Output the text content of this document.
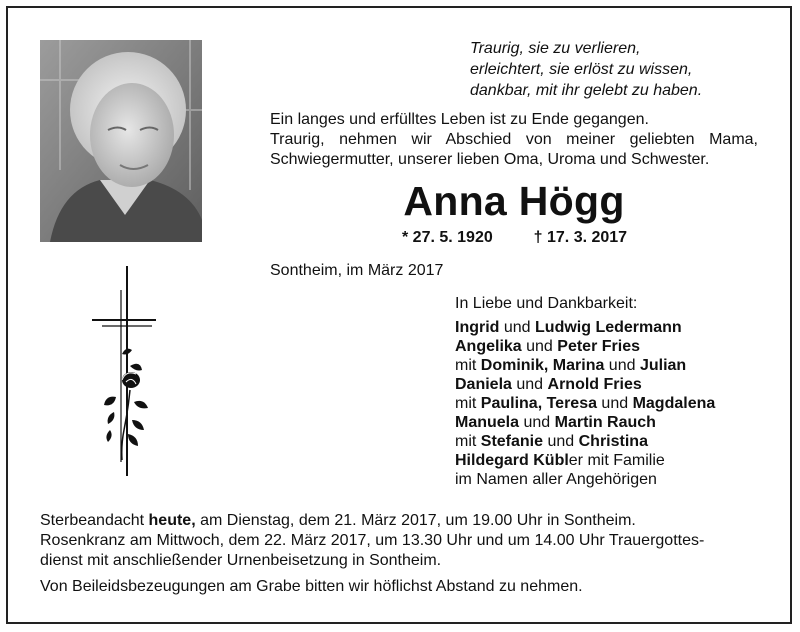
Traurig, sie zu verlieren,
erleichtert, sie erlöst zu wissen,
dankbar, mit ihr gelebt zu haben.
Ein langes und erfülltes Leben ist zu Ende gegangen.
Traurig, nehmen wir Abschied von meiner geliebten Mama,
Schwiegermutter, unserer lieben Oma, Uroma und Schwester.
Anna Högg
* 27. 5. 1920	† 17. 3. 2017
Sontheim, im März 2017
In Liebe und Dankbarkeit:
Ingrid und Ludwig Ledermann
Angelika und Peter Fries
mit Dominik, Marina und Julian
Daniela und Arnold Fries
mit Paulina, Teresa und Magdalena
Manuela und Martin Rauch
mit Stefanie und Christina
Hildegard Kübler mit Familie
im Namen aller Angehörigen
Sterbeandacht heute, am Dienstag, dem 21. März 2017, um 19.00 Uhr in Sontheim.
Rosenkranz am Mittwoch, dem 22. März 2017, um 13.30 Uhr und um 14.00 Uhr Trauergottes-
dienst mit anschließender Urnenbeisetzung in Sontheim.
Von Beileidsbezeugungen am Grabe bitten wir höflichst Abstand zu nehmen.
